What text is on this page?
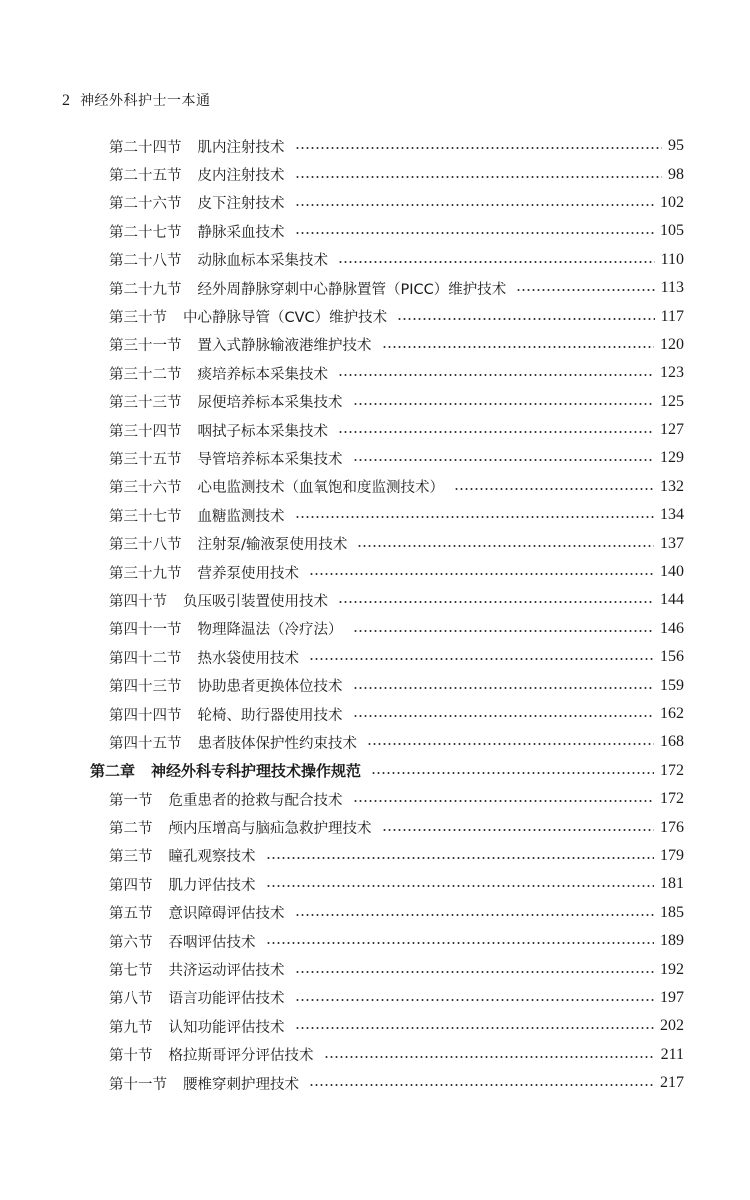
2 神经外科护士一本通
第二十四节 肌内注射技术	95
第二十五节 皮内注射技术	98
第二十六节 皮下注射技术	102
第二十七节 静脉采血技术	105
第二十八节 动脉血标本采集技术	110
第二十九节 经外周静脉穿刺中心静脉置管（PICC）维护技术	113
第三十节 中心静脉导管（CVC）维护技术	117
第三十一节 置入式静脉输液港维护技术	120
第三十二节 痰培养标本采集技术	123
第三十三节 尿便培养标本采集技术	125
第三十四节 咽拭子标本采集技术	127
第三十五节 导管培养标本采集技术	129
第三十六节 心电监测技术（血氧饱和度监测技术）	132
第三十七节 血糖监测技术	134
第三十八节 注射泵/输液泵使用技术	137
第三十九节 营养泵使用技术	140
第四十节 负压吸引装置使用技术	144
第四十一节 物理降温法（冷疗法）	146
第四十二节 热水袋使用技术	156
第四十三节 协助患者更换体位技术	159
第四十四节 轮椅、助行器使用技术	162
第四十五节 患者肢体保护性约束技术	168
第二章 神经外科专科护理技术操作规范	172
第一节 危重患者的抢救与配合技术	172
第二节 颅内压增高与脑疝急救护理技术	176
第三节 瞳孔观察技术	179
第四节 肌力评估技术	181
第五节 意识障碍评估技术	185
第六节 吞咽评估技术	189
第七节 共济运动评估技术	192
第八节 语言功能评估技术	197
第九节 认知功能评估技术	202
第十节 格拉斯哥评分评估技术	211
第十一节 腰椎穿刺护理技术	217
